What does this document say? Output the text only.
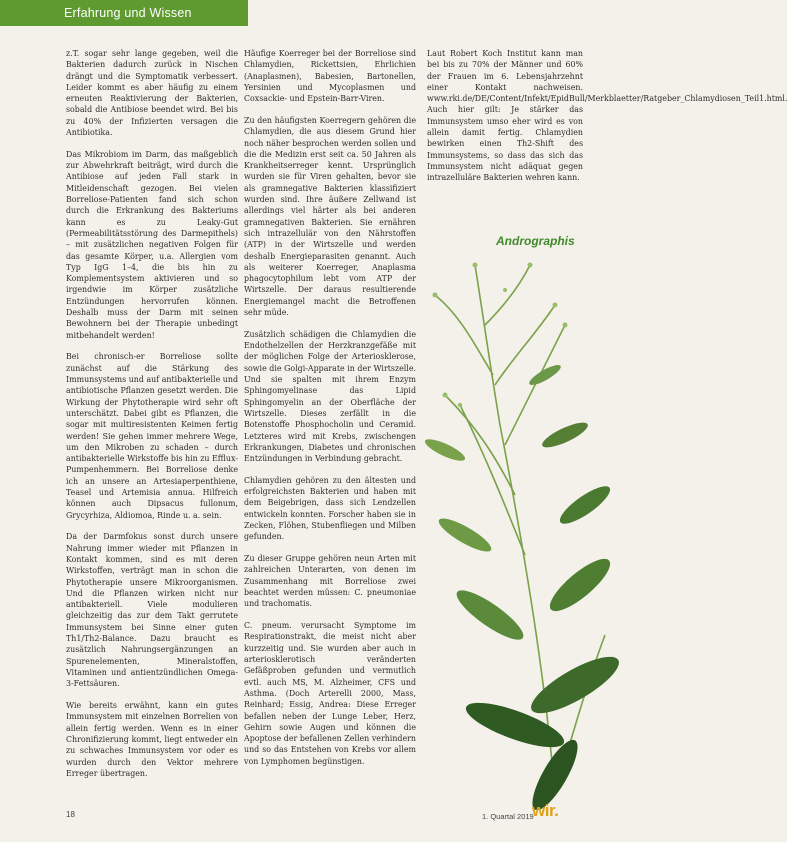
Erfahrung und Wissen

z.T. sogar sehr lange gegeben, weil die Bakterien dadurch zurück in Nischen drängt und die Symptomatik verbessert. Leider kommt es aber häufig zu einem erneuten Reaktivierung der Bakterien, sobald die Antibiose beendet wird. Bei bis zu 40% der Infizierten versagen die Antibiotika.

Das Mikrobiom im Darm, das maßgeblich zur Abwehrkraft beiträgt, wird durch die Antibiose auf jeden Fall stark in Mitleidenschaft gezogen. Bei vielen Borreliose-Patienten fand sich schon durch die Erkrankung des Bakteriums kann es zu Leaky-Gut (Permeabilitätsstörung des Darmepithels) – mit zusätzlichen negativen Folgen für das gesamte Körper, u.a. Allergien vom Typ IgG 1–4, die bis hin zu Komplementsystem aktivieren und so irgendwie im Körper zusätzliche Entzündungen hervorrufen können. Deshalb muss der Darm mit seinen Bewohnern bei der Therapie unbedingt mitbehandelt werden!

Bei chronisch-er Borreliose sollte zunächst auf die Stärkung des Immunsystems und auf antibakterielle und antibiotische Pflanzen gesetzt werden. Die Wirkung der Phytotherapie wird sehr oft unterschätzt. Dabei gibt es Pflanzen, die sogar mit multiresistenten Keimen fertig werden! Sie gehen immer mehrere Wege, um den Mikroben zu schaden – durch antibakterielle Wirkstoffe bis hin zu Efflux-Pumpenhemmern. Bei Borreliose denke ich an unsere an Artesiaperpenthiene, Teasel und Artemisia annua. Hilfreich können auch Dipsacus fullonum, Grycyrhiza, Aldiomoa, Rinde u. a. sein.

Da der Darmfokus sonst durch unsere Nahrung immer wieder mit Pflanzen in Kontakt kommen, sind es mit deren Wirkstoffen, verträgt man in schon die Phytotherapie unsere Mikroorganismen. Und die Pflanzen wirken nicht nur antibakteriell. Viele modulieren gleichzeitig das zur dem Takt gerrutete Immunsystem bei Sinne einer guten Th1/Th2-Balance. Dazu braucht es zusätzlich Nahrungsergänzungen an Spurenelementen, Mineralstoffen, Vitaminen und antientzündlichen Omega-3-Fettsäuren.

Wie bereits erwähnt, kann ein gutes Immunsystem mit einzelnen Borrelien von allein fertig werden. Wenn es in einer Chronifizierung kommt, liegt entweder ein zu schwaches Immunsystem vor oder es wurden durch den Vektor mehrere Erreger übertragen.

Häufige Koerreger bei der Borreliose sind Chlamydien, Rickettsien, Ehrlichien (Anaplasmen), Babesien, Bartonellen, Yersinien und Mycoplasmen und Coxsackie- und Epstein-Barr-Viren.

Zu den häufigsten Koerregern gehören die Chlamydien, die aus diesem Grund hier noch näher besprochen werden sollen und die die Medizin erst seit ca. 50 Jahren als Krankheitserreger kennt. Ursprünglich wurden sie für Viren gehalten, bevor sie als gramnegative Bakterien klassifiziert wurden sind. Ihre äußere Zellwand ist allerdings viel härter als bei anderen gramnegativen Bakterien. Sie ernähren sich intrazellulär von den Nährstoffen (ATP) in der Wirtszelle und werden deshalb Energieparasiten genannt. Auch als weiterer Koerreger, Anaplasma phagocytophilum lebt vom ATP der Wirtszelle. Der daraus resultierende Energiemangel macht die Betroffenen sehr müde.

Zusätzlich schädigen die Chlamydien die Endothelzellen der Herzkranzgefäße mit der möglichen Folge der Arteriosklerose, sowie die Golgi-Apparate in der Wirtszelle. Und sie spalten mit ihrem Enzym Sphingomyelinase das Lipid Sphingomyelin an der Oberfläche der Wirtszelle. Dieses zerfällt in die Botenstoffe Phosphocholin und Ceramid. Letzteres wird mit Krebs, zwischengen Erkrankungen, Diabetes und chronischen Entzündungen in Verbindung gebracht.

Chlamydien gehören zu den ältesten und erfolgreichsten Bakterien und haben mit dem Beigebrigen, dass sich Lendzellen entwickeln konnten. Forscher haben sie in Zecken, Flöhen, Stubenfliegen und Milben gefunden.

Zu dieser Gruppe gehören neun Arten mit zahlreichen Unterarten, von denen im Zusammenhang mit Borreliose zwei beachtet werden müssen: C. pneumoniae und trachomatis.

C. pneum. verursacht Symptome im Respirationstrakt, die meist nicht aber kurzzeitig und. Sie wurden aber auch in arteriosklerotisch veränderten Gefäßproben gefunden und vermutlich evtl. auch MS, M. Alzheimer, CFS und Asthma. (Doch Arterelli 2000, Mass, Reinhard; Essig, Andrea: Diese Erreger befallen neben der Lunge Leber, Herz, Gehirn sowie Augen und können die Apoptose der befallenen Zellen verhindern und so das Entstehen von Krebs vor allem von Lymphomen begünstigen.

Laut Robert Koch Institut kann man bei bis zu 70% der Männer und 60% der Frauen im 6. Lebensjahrzehnt einer Kontakt nachweisen. www.rki.de/DE/Content/Infekt/EpidBull/Merkblaetter/Ratgeber_Chlamydiosen_Teil1.html. Auch hier gilt: Je stärker das Immunsystem umso eher wird es von allein damit fertig. Chlamydien bewirken einen Th2-Shift des Immunsystems, so dass das sich das Immunsystem nicht adäquat gegen intrazelluläre Bakterien wehren kann.

Andrographis
18	1. Quartal 2019
wir.
